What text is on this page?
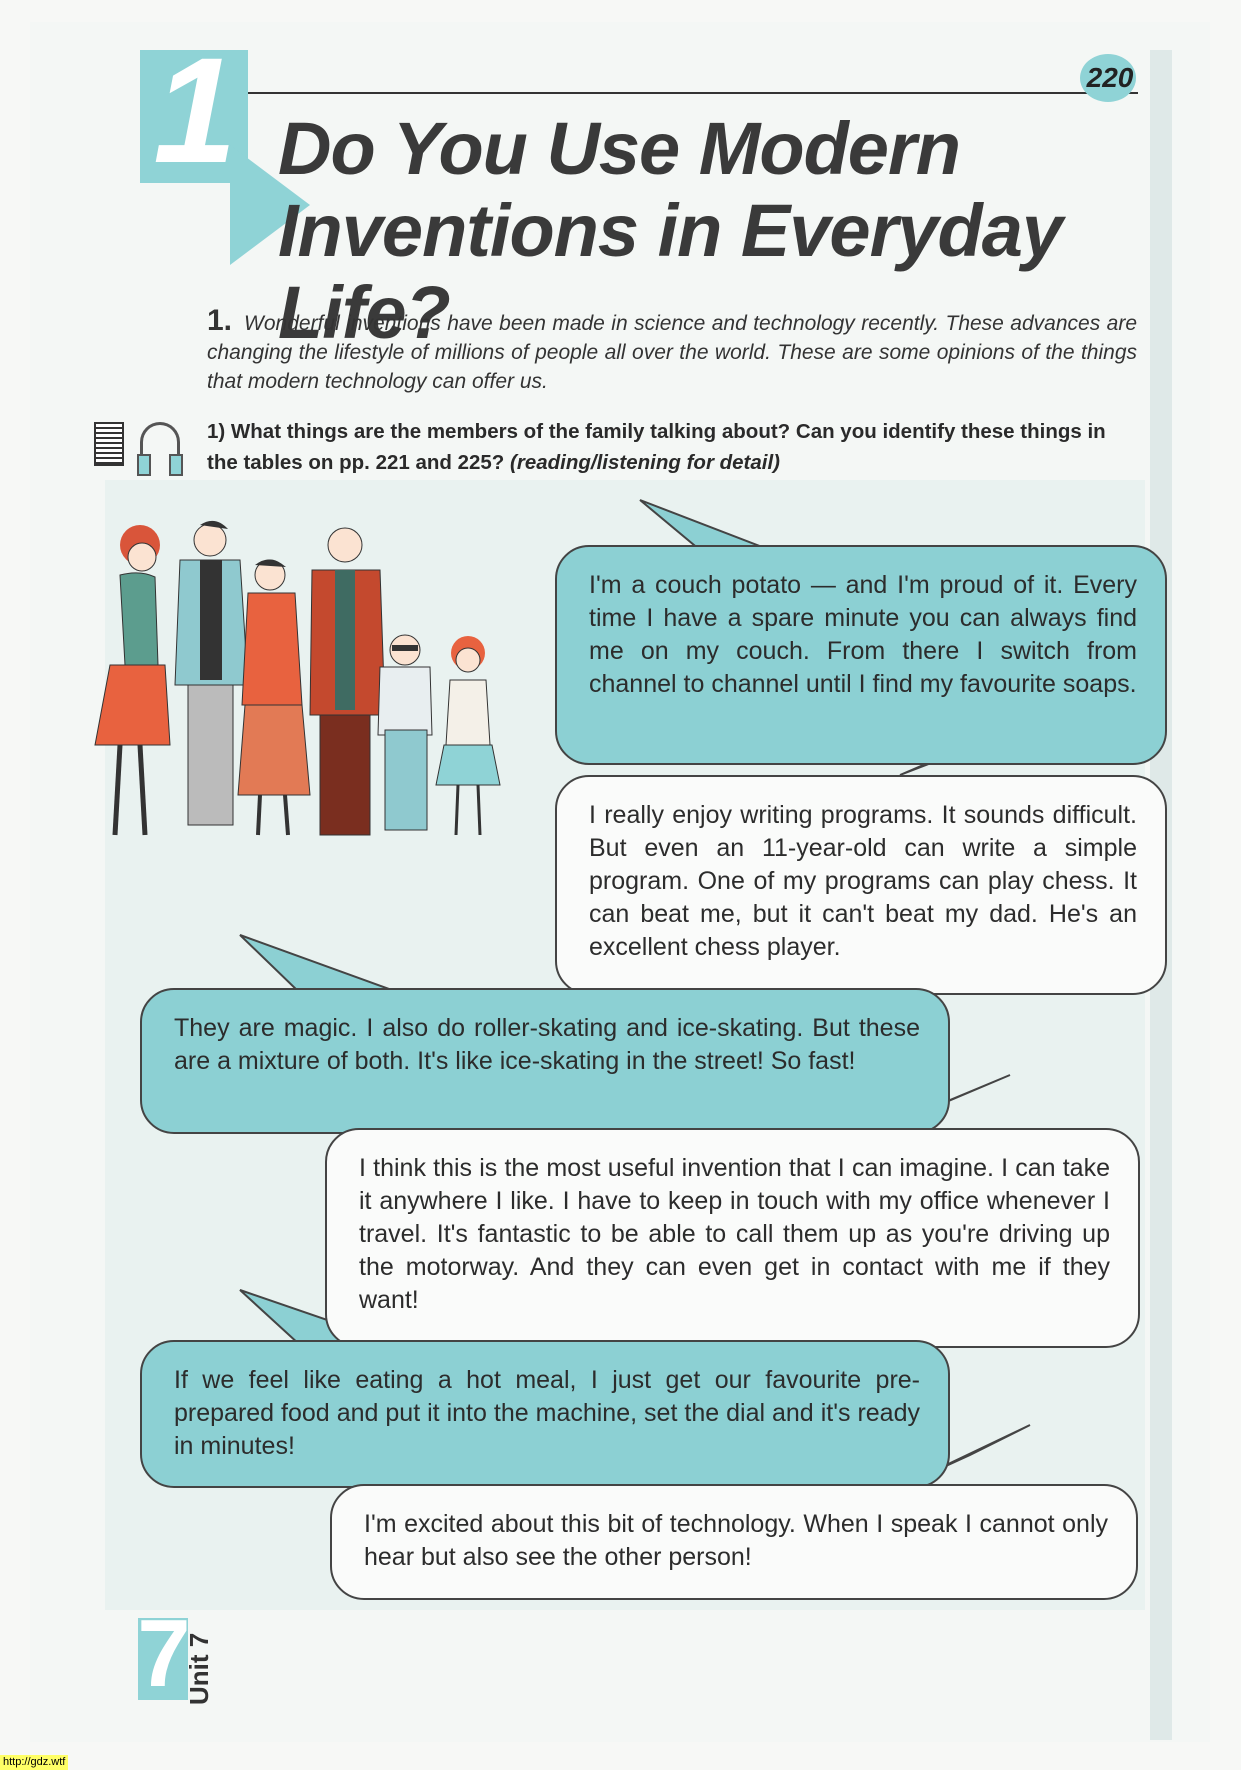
1	220
Do You Use Modern Inventions in Everyday Life?
1. Wonderful inventions have been made in science and technology recently. These advances are changing the lifestyle of millions of people all over the world. These are some opinions of the things that modern technology can offer us.
1) What things are the members of the family talking about? Can you identify these things in the tables on pp. 221 and 225? (reading/listening for detail)
I'm a couch potato — and I'm proud of it. Every time I have a spare minute you can always find me on my couch. From there I switch from channel to channel until I find my favourite soaps.
I really enjoy writing programs. It sounds difficult. But even an 11-year-old can write a simple program. One of my programs can play chess. It can beat me, but it can't beat my dad. He's an excellent chess player.
They are magic. I also do roller-skating and ice-skating. But these are a mixture of both. It's like ice-skating in the street! So fast!
I think this is the most useful invention that I can imagine. I can take it anywhere I like. I have to keep in touch with my office whenever I travel. It's fantastic to be able to call them up as you're driving up the motorway. And they can even get in contact with me if they want!
If we feel like eating a hot meal, I just get our favourite pre-prepared food and put it into the machine, set the dial and it's ready in minutes!
I'm excited about this bit of technology. When I speak I cannot only hear but also see the other person!
7
Unit 7
http://gdz.wtf
